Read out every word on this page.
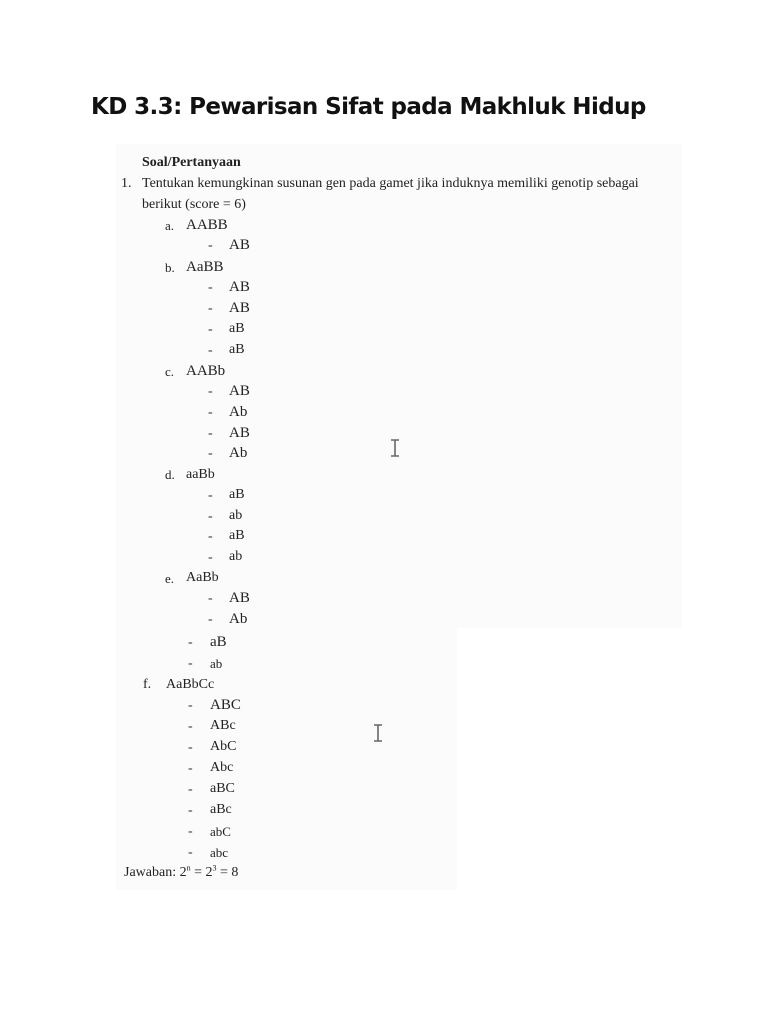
KD 3.3: Pewarisan Sifat pada Makhluk Hidup
Soal/Pertanyaan
1. Tentukan kemungkinan susunan gen pada gamet jika induknya memiliki genotip sebagai
berikut (score = 6)
a. AABB
- AB
b. AaBB
- AB
- AB
- aB
- aB
c. AABb
- AB
- Ab
- AB
- Ab
d. aaBb
- aB
- ab
- aB
- ab
e. AaBb
- AB
- Ab
- aB
- ab
f. AaBbCc
- ABC
- ABc
- AbC
- Abc
- aBC
- aBc
- abC
- abc
Jawaban: $2^n = 2^3 = 8$
